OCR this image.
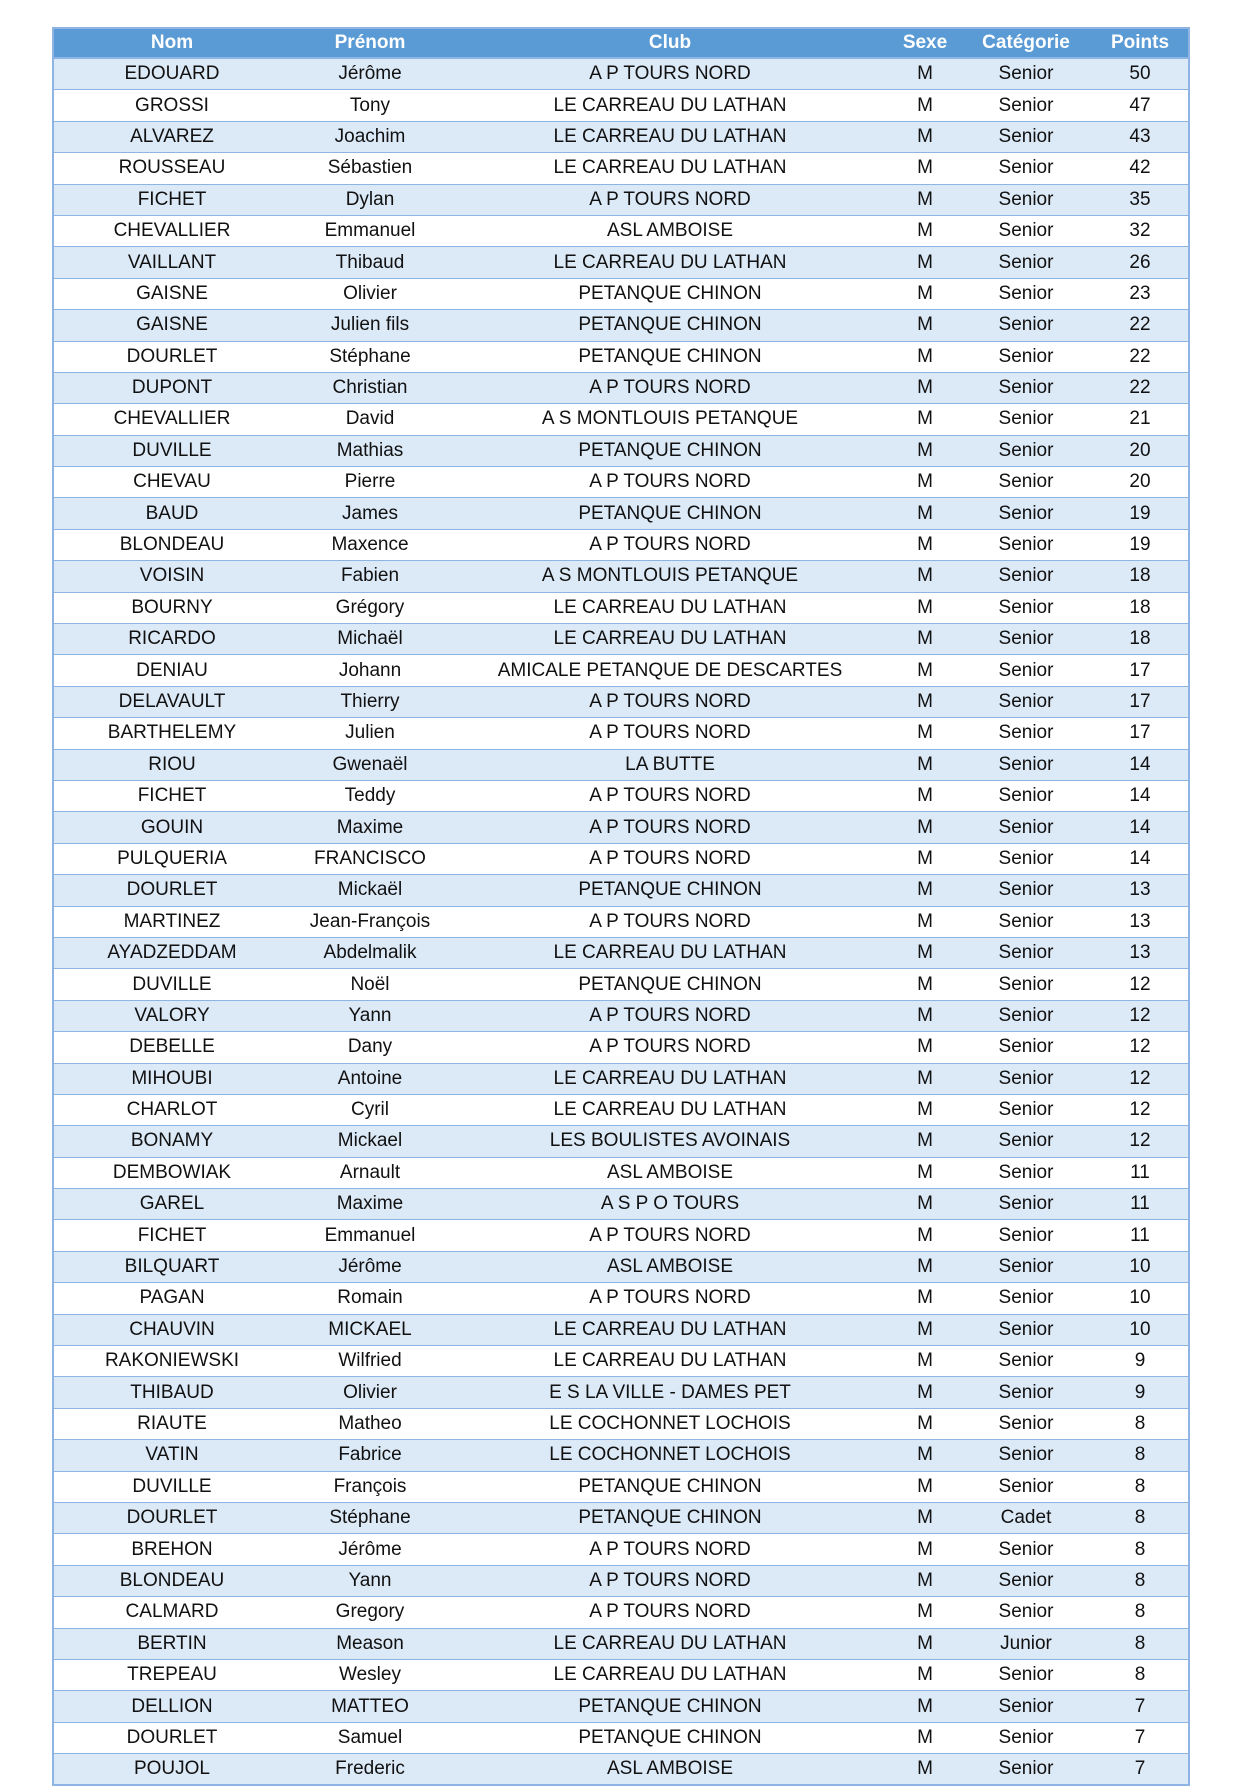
Nom	Prénom	Club	Sexe	Catégorie	Points
EDOUARD	Jérôme	A P TOURS NORD	M	Senior	50
GROSSI	Tony	LE CARREAU DU LATHAN	M	Senior	47
ALVAREZ	Joachim	LE CARREAU DU LATHAN	M	Senior	43
ROUSSEAU	Sébastien	LE CARREAU DU LATHAN	M	Senior	42
FICHET	Dylan	A P TOURS NORD	M	Senior	35
CHEVALLIER	Emmanuel	ASL AMBOISE	M	Senior	32
VAILLANT	Thibaud	LE CARREAU DU LATHAN	M	Senior	26
GAISNE	Olivier	PETANQUE CHINON	M	Senior	23
GAISNE	Julien fils	PETANQUE CHINON	M	Senior	22
DOURLET	Stéphane	PETANQUE CHINON	M	Senior	22
DUPONT	Christian	A P TOURS NORD	M	Senior	22
CHEVALLIER	David	A S MONTLOUIS PETANQUE	M	Senior	21
DUVILLE	Mathias	PETANQUE CHINON	M	Senior	20
CHEVAU	Pierre	A P TOURS NORD	M	Senior	20
BAUD	James	PETANQUE CHINON	M	Senior	19
BLONDEAU	Maxence	A P TOURS NORD	M	Senior	19
VOISIN	Fabien	A S MONTLOUIS PETANQUE	M	Senior	18
BOURNY	Grégory	LE CARREAU DU LATHAN	M	Senior	18
RICARDO	Michaël	LE CARREAU DU LATHAN	M	Senior	18
DENIAU	Johann	AMICALE PETANQUE DE DESCARTES	M	Senior	17
DELAVAULT	Thierry	A P TOURS NORD	M	Senior	17
BARTHELEMY	Julien	A P TOURS NORD	M	Senior	17
RIOU	Gwenaël	LA BUTTE	M	Senior	14
FICHET	Teddy	A P TOURS NORD	M	Senior	14
GOUIN	Maxime	A P TOURS NORD	M	Senior	14
PULQUERIA	FRANCISCO	A P TOURS NORD	M	Senior	14
DOURLET	Mickaël	PETANQUE CHINON	M	Senior	13
MARTINEZ	Jean-François	A P TOURS NORD	M	Senior	13
AYADZEDDAM	Abdelmalik	LE CARREAU DU LATHAN	M	Senior	13
DUVILLE	Noël	PETANQUE CHINON	M	Senior	12
VALORY	Yann	A P TOURS NORD	M	Senior	12
DEBELLE	Dany	A P TOURS NORD	M	Senior	12
MIHOUBI	Antoine	LE CARREAU DU LATHAN	M	Senior	12
CHARLOT	Cyril	LE CARREAU DU LATHAN	M	Senior	12
BONAMY	Mickael	LES BOULISTES AVOINAIS	M	Senior	12
DEMBOWIAK	Arnault	ASL AMBOISE	M	Senior	11
GAREL	Maxime	A S P O TOURS	M	Senior	11
FICHET	Emmanuel	A P TOURS NORD	M	Senior	11
BILQUART	Jérôme	ASL AMBOISE	M	Senior	10
PAGAN	Romain	A P TOURS NORD	M	Senior	10
CHAUVIN	MICKAEL	LE CARREAU DU LATHAN	M	Senior	10
RAKONIEWSKI	Wilfried	LE CARREAU DU LATHAN	M	Senior	9
THIBAUD	Olivier	E S LA VILLE - DAMES PET	M	Senior	9
RIAUTE	Matheo	LE COCHONNET LOCHOIS	M	Senior	8
VATIN	Fabrice	LE COCHONNET LOCHOIS	M	Senior	8
DUVILLE	François	PETANQUE CHINON	M	Senior	8
DOURLET	Stéphane	PETANQUE CHINON	M	Cadet	8
BREHON	Jérôme	A P TOURS NORD	M	Senior	8
BLONDEAU	Yann	A P TOURS NORD	M	Senior	8
CALMARD	Gregory	A P TOURS NORD	M	Senior	8
BERTIN	Meason	LE CARREAU DU LATHAN	M	Junior	8
TREPEAU	Wesley	LE CARREAU DU LATHAN	M	Senior	8
DELLION	MATTEO	PETANQUE CHINON	M	Senior	7
DOURLET	Samuel	PETANQUE CHINON	M	Senior	7
POUJOL	Frederic	ASL AMBOISE	M	Senior	7
